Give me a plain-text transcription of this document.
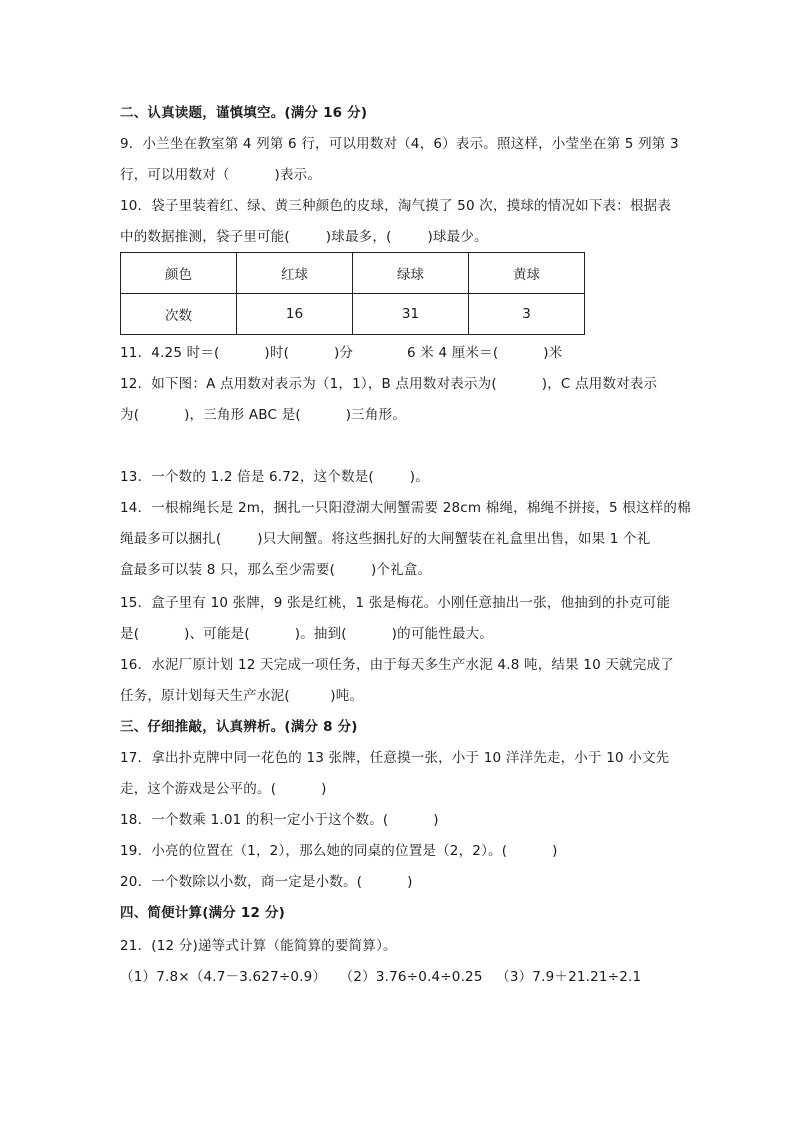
二、认真读题，谨慎填空。(满分 16 分)
9．小兰坐在教室第 4 列第 6 行，可以用数对（4，6）表示。照这样，小莹坐在第 5 列第 3
行，可以用数对（          )表示。
10．袋子里装着红、绿、黄三种颜色的皮球，淘气摸了 50 次，摸球的情况如下表：根据表
中的数据推测，袋子里可能(        )球最多，(        )球最少。
颜色	红球	绿球	黄球
次数	16	31	3
11．4.25 时＝(          )时(          )分            6 米 4 厘米＝(          )米
12．如下图：A 点用数对表示为（1，1），B 点用数对表示为(          )，C 点用数对表示
为(          )，三角形 ABC 是(          )三角形。
13．一个数的 1.2 倍是 6.72，这个数是(        )。
14．一根棉绳长是 2m，捆扎一只阳澄湖大闸蟹需要 28cm 棉绳，棉绳不拼接，5 根这样的棉
绳最多可以捆扎(        )只大闸蟹。将这些捆扎好的大闸蟹装在礼盒里出售，如果 1 个礼
盒最多可以装 8 只，那么至少需要(        )个礼盒。
15．盒子里有 10 张牌，9 张是红桃，1 张是梅花。小刚任意抽出一张，他抽到的扑克可能
是(          )、可能是(          )。抽到(          )的可能性最大。
16．水泥厂原计划 12 天完成一项任务，由于每天多生产水泥 4.8 吨，结果 10 天就完成了
任务，原计划每天生产水泥(         )吨。
三、仔细推敲，认真辨析。(满分 8 分)
17．拿出扑克牌中同一花色的 13 张牌，任意摸一张，小于 10 洋洋先走，小于 10 小文先
走，这个游戏是公平的。(          )
18．一个数乘 1.01 的积一定小于这个数。(          )
19．小亮的位置在（1，2），那么她的同桌的位置是（2，2）。(          )
20．一个数除以小数，商一定是小数。(          )
四、简便计算(满分 12 分)
21．(12 分)递等式计算（能简算的要简算）。
（1）7.8×（4.7－3.627÷0.9）   （2）3.76÷0.4÷0.25   （3）7.9＋21.21÷2.1
